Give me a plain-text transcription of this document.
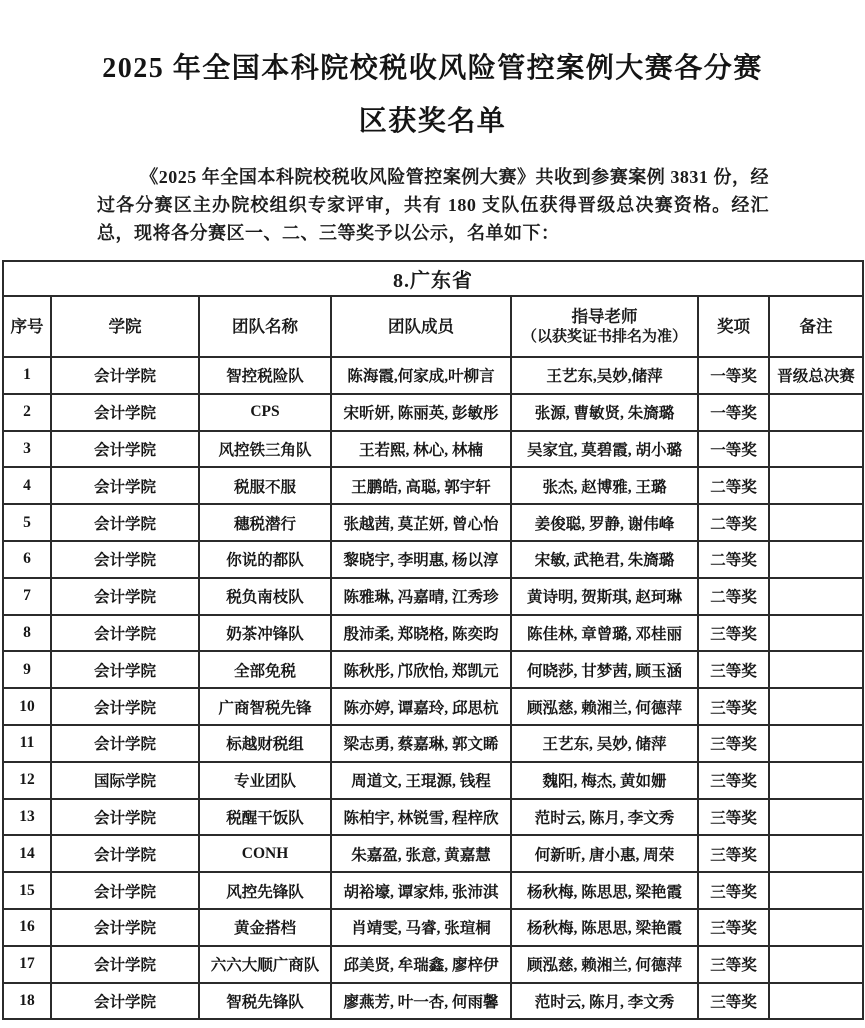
2025 年全国本科院校税收风险管控案例大赛各分赛
区获奖名单

《2025 年全国本科院校税收风险管控案例大赛》共收到参赛案例 3831 份，经过各分赛区主办院校组织专家评审，共有 180 支队伍获得晋级总决赛资格。经汇总，现将各分赛区一、二、三等奖予以公示，名单如下：

8.广东省						
序号	学院	团队名称	团队成员	指导老师
（以获奖证书排名为准）	奖项	备注
1	会计学院	智控税险队	陈海霞,何家成,叶柳言	王艺东,吴妙,储萍	一等奖	晋级总决赛
2	会计学院	CPS	宋昕妍, 陈丽英, 彭敏彤	张源, 曹敏贤, 朱旖璐	一等奖	
3	会计学院	风控铁三角队	王若熙, 林心, 林楠	吴家宜, 莫碧霞, 胡小璐	一等奖	
4	会计学院	税服不服	王鹏皓, 高聪, 郭宇轩	张杰, 赵博雅, 王璐	二等奖	
5	会计学院	穗税潜行	张越茜, 莫芷妍, 曾心怡	姜俊聪, 罗静, 谢伟峰	二等奖	
6	会计学院	你说的都队	黎晓宇, 李明惠, 杨以淳	宋敏, 武艳君, 朱旖璐	二等奖	
7	会计学院	税负南枝队	陈雅琳, 冯嘉晴, 江秀珍	黄诗明, 贺斯琪, 赵珂琳	二等奖	
8	会计学院	奶茶冲锋队	殷沛柔, 郑晓格, 陈奕昀	陈佳林, 章曾璐, 邓桂丽	三等奖	
9	会计学院	全部免税	陈秋彤, 邝欣怡, 郑凯元	何晓莎, 甘梦茜, 顾玉涵	三等奖	
10	会计学院	广商智税先锋	陈亦婷, 谭嘉玲, 邱思杭	顾泓慈, 赖湘兰, 何德萍	三等奖	
11	会计学院	标越财税组	梁志勇, 蔡嘉琳, 郭文睎	王艺东, 吴妙, 储萍	三等奖	
12	国际学院	专业团队	周道文, 王琨源, 钱程	魏阳, 梅杰, 黄如姗	三等奖	
13	会计学院	税醒干饭队	陈柏宇, 林锐雪, 程梓欣	范时云, 陈月, 李文秀	三等奖	
14	会计学院	CONH	朱嘉盈, 张意, 黄嘉慧	何新昕, 唐小惠, 周荣	三等奖	
15	会计学院	风控先锋队	胡裕壕, 谭家炜, 张沛淇	杨秋梅, 陈思思, 梁艳霞	三等奖	
16	会计学院	黄金搭档	肖靖雯, 马睿, 张瑄桐	杨秋梅, 陈思思, 梁艳霞	三等奖	
17	会计学院	六六大顺广商队	邱美贤, 牟瑞鑫, 廖梓伊	顾泓慈, 赖湘兰, 何德萍	三等奖	
18	会计学院	智税先锋队	廖燕芳, 叶一杏, 何雨馨	范时云, 陈月, 李文秀	三等奖	
